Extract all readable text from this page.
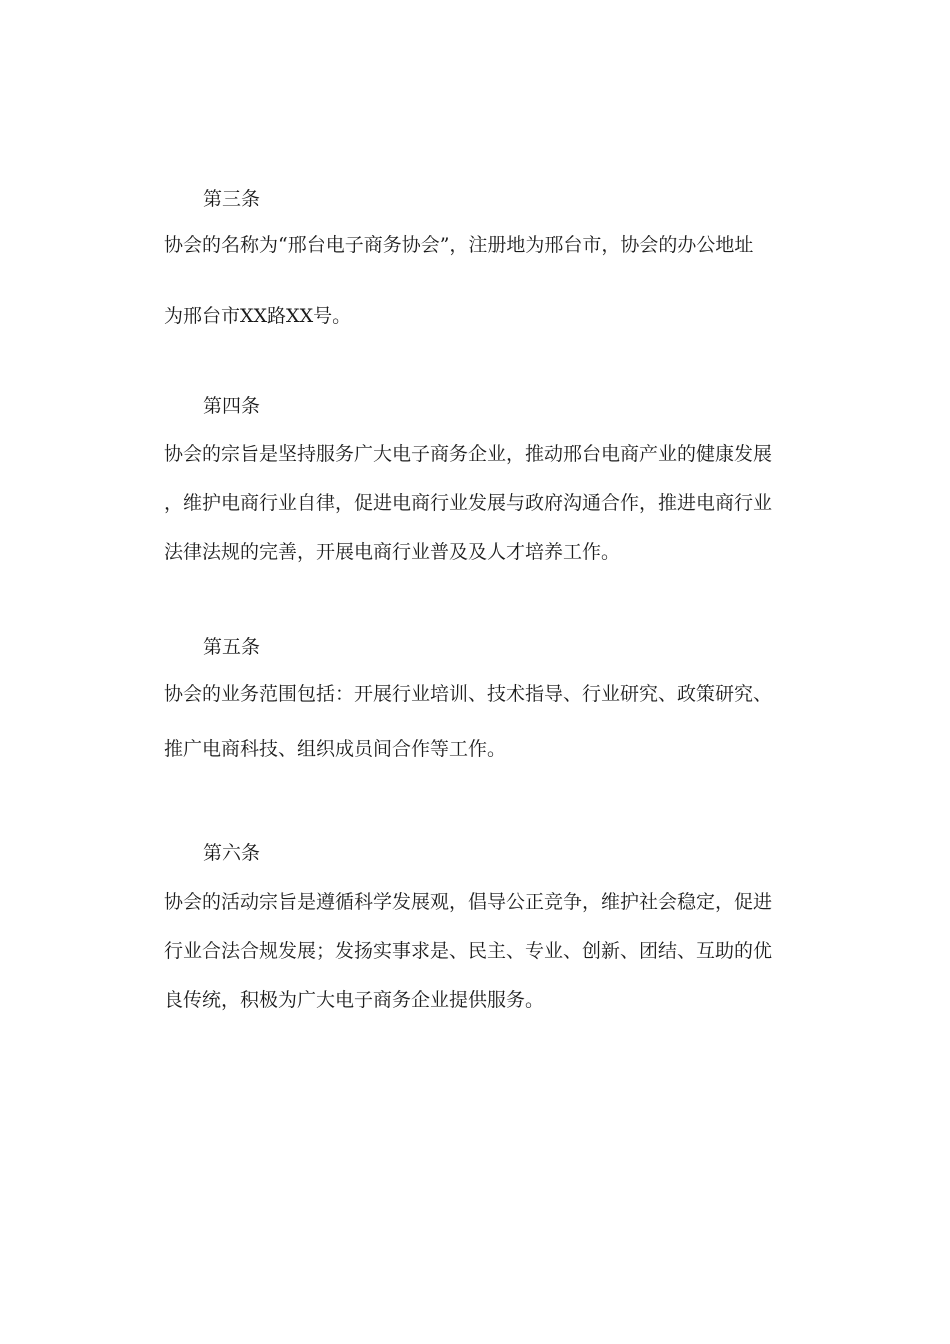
第三条

协会的名称为“邢台电子商务协会”，注册地为邢台市，协会的办公地址
为邢台市XX路XX号。

第四条

协会的宗旨是坚持服务广大电子商务企业，推动邢台电商产业的健康发展
，维护电商行业自律，促进电商行业发展与政府沟通合作，推进电商行业
法律法规的完善，开展电商行业普及及人才培养工作。

第五条

协会的业务范围包括：开展行业培训、技术指导、行业研究、政策研究、
推广电商科技、组织成员间合作等工作。

第六条

协会的活动宗旨是遵循科学发展观，倡导公正竞争，维护社会稳定，促进
行业合法合规发展；发扬实事求是、民主、专业、创新、团结、互助的优
良传统，积极为广大电子商务企业提供服务。
